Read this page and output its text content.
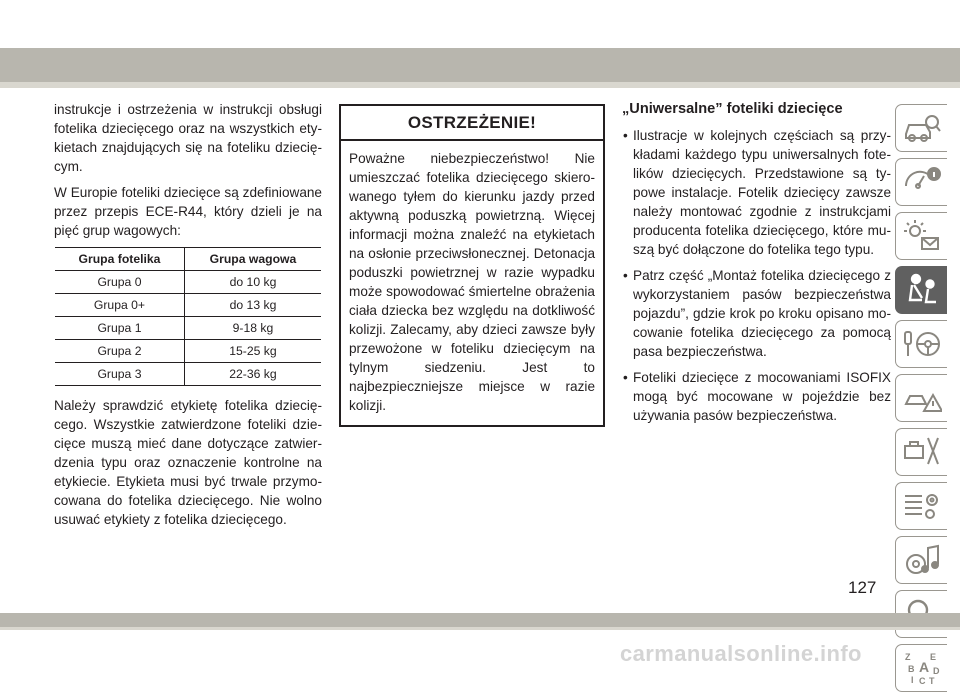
instrukcje i ostrzeżenia w instrukcji obsługi fotelika dziecięcego oraz na wszystkich etykietach znajdujących się na foteliku dziecięcym.

W Europie foteliki dziecięce są zdefiniowane przez przepis ECE-R44, który dzieli je na pięć grup wagowych:

Grupa fotelika	Grupa wagowa
Grupa 0	do 10 kg
Grupa 0+	do 13 kg
Grupa 1	9-18 kg
Grupa 2	15-25 kg
Grupa 3	22-36 kg

Należy sprawdzić etykietę fotelika dziecięcego. Wszystkie zatwierdzone foteliki dziecięce muszą mieć dane dotyczące zatwierdzenia typu oraz oznaczenie kontrolne na etykiecie. Etykieta musi być trwale przymocowana do fotelika dziecięcego. Nie wolno usuwać etykiety z fotelika dziecięcego.

OSTRZEŻENIE!
Poważne niebezpieczeństwo! Nie umieszczać fotelika dziecięcego skierowanego tyłem do kierunku jazdy przed aktywną poduszką powietrzną. Więcej informacji można znaleźć na etykietach na osłonie przeciwsłonecznej. Detonacja poduszki powietrznej w razie wypadku może spowodować śmiertelne obrażenia ciała dziecka bez względu na dotkliwość kolizji. Zalecamy, aby dzieci zawsze były przewożone w foteliku dziecięcym na tylnym siedzeniu. Jest to najbezpieczniejsze miejsce w razie kolizji.
„Uniwersalne” foteliki dziecięce
• Ilustracje w kolejnych częściach są przykładami każdego typu uniwersalnych fotelików dziecięcych. Przedstawione są typowe instalacje. Fotelik dziecięcy zawsze należy montować zgodnie z instrukcjami producenta fotelika dziecięcego, które muszą być dołączone do fotelika tego typu.
• Patrz część „Montaż fotelika dziecięcego z wykorzystaniem pasów bezpieczeństwa pojazdu”, gdzie krok po kroku opisano mocowanie fotelika dziecięcego za pomocą pasa bezpieczeństwa.
• Foteliki dziecięce z mocowaniami ISOFIX mogą być mocowane w pojeździe bez używania pasów bezpieczeństwa.
Z E
A
B D
I C T
127
carmanualsonline.info
